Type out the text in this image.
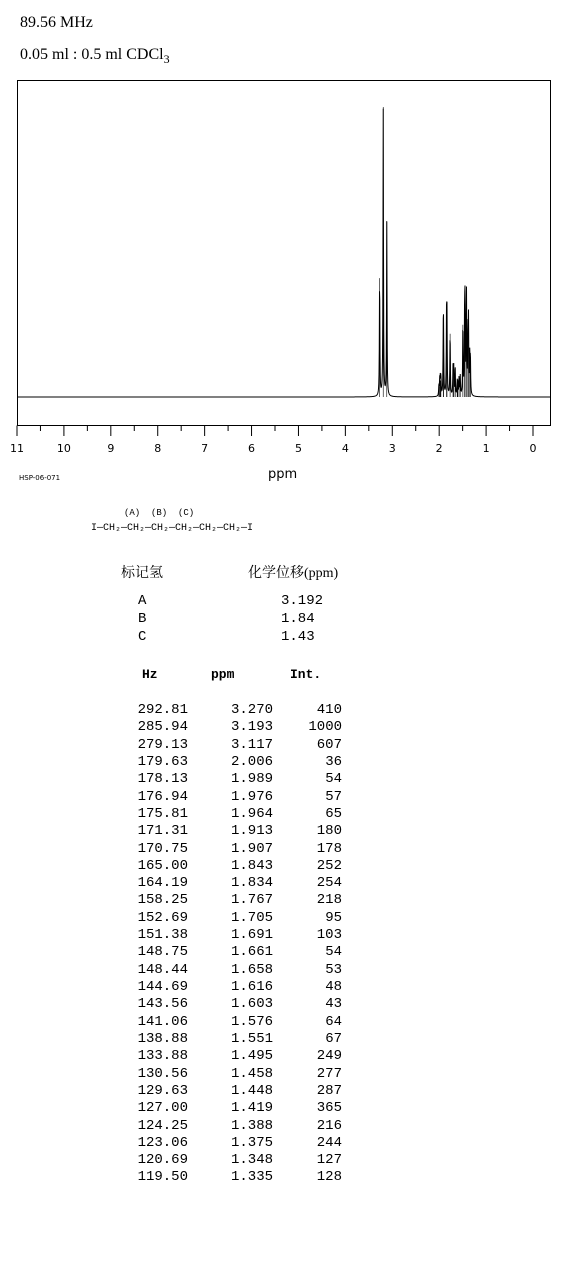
89.56 MHz
0.05 ml : 0.5 ml CDCl$_3$
11	10	9	8	7	6	5	4	3	2	1	0
HSP-06-071	ppm
(A)  (B)  (C)
I—CH₂—CH₂—CH₂—CH₂—CH₂—CH₂—I
标记氢	化学位移(ppm)
A	3.192
B	1.84
C	1.43
Hz	ppm	Int.
292.81	3.270	410
285.94	3.193	1000
279.13	3.117	607
179.63	2.006	36
178.13	1.989	54
176.94	1.976	57
175.81	1.964	65
171.31	1.913	180
170.75	1.907	178
165.00	1.843	252
164.19	1.834	254
158.25	1.767	218
152.69	1.705	95
151.38	1.691	103
148.75	1.661	54
148.44	1.658	53
144.69	1.616	48
143.56	1.603	43
141.06	1.576	64
138.88	1.551	67
133.88	1.495	249
130.56	1.458	277
129.63	1.448	287
127.00	1.419	365
124.25	1.388	216
123.06	1.375	244
120.69	1.348	127
119.50	1.335	128
